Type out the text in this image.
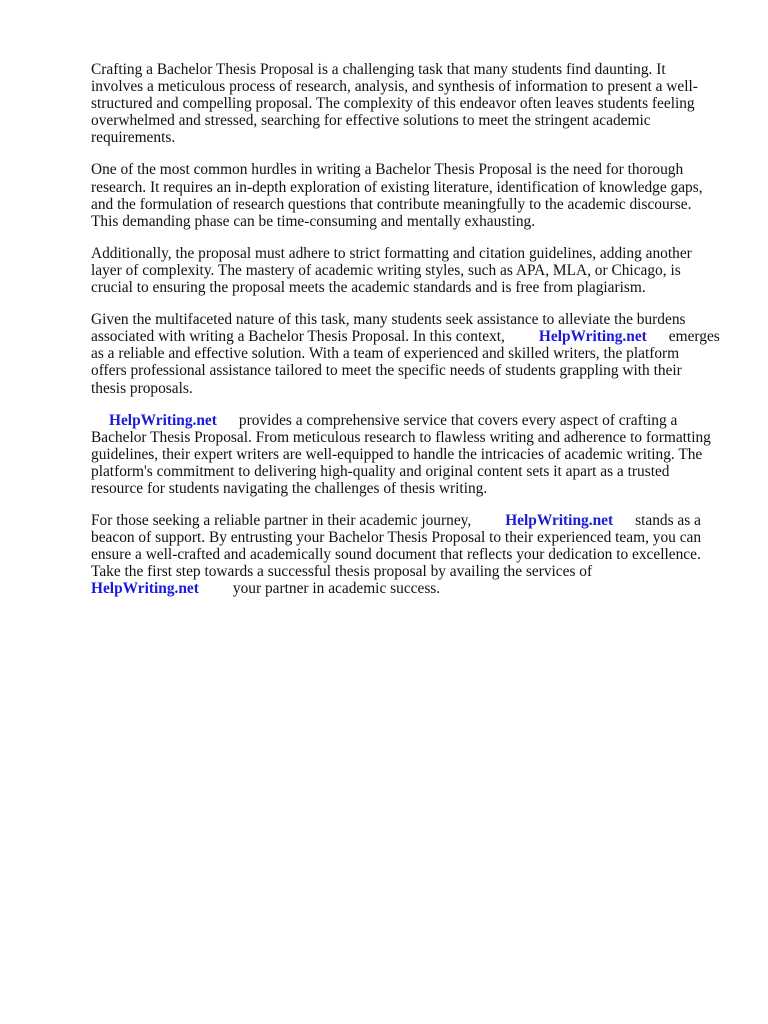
Crafting a Bachelor Thesis Proposal is a challenging task that many students find daunting. It
involves a meticulous process of research, analysis, and synthesis of information to present a well-
structured and compelling proposal. The complexity of this endeavor often leaves students feeling
overwhelmed and stressed, searching for effective solutions to meet the stringent academic
requirements.

One of the most common hurdles in writing a Bachelor Thesis Proposal is the need for thorough
research. It requires an in-depth exploration of existing literature, identification of knowledge gaps,
and the formulation of research questions that contribute meaningfully to the academic discourse.
This demanding phase can be time-consuming and mentally exhausting.

Additionally, the proposal must adhere to strict formatting and citation guidelines, adding another
layer of complexity. The mastery of academic writing styles, such as APA, MLA, or Chicago, is
crucial to ensuring the proposal meets the academic standards and is free from plagiarism.

Given the multifaceted nature of this task, many students seek assistance to alleviate the burdens
associated with writing a Bachelor Thesis Proposal. In this context, HelpWriting.net emerges
as a reliable and effective solution. With a team of experienced and skilled writers, the platform
offers professional assistance tailored to meet the specific needs of students grappling with their
thesis proposals.

HelpWriting.net provides a comprehensive service that covers every aspect of crafting a
Bachelor Thesis Proposal. From meticulous research to flawless writing and adherence to formatting
guidelines, their expert writers are well-equipped to handle the intricacies of academic writing. The
platform's commitment to delivering high-quality and original content sets it apart as a trusted
resource for students navigating the challenges of thesis writing.

For those seeking a reliable partner in their academic journey, HelpWriting.net stands as a
beacon of support. By entrusting your Bachelor Thesis Proposal to their experienced team, you can
ensure a well-crafted and academically sound document that reflects your dedication to excellence.
Take the first step towards a successful thesis proposal by availing the services of
HelpWriting.net your partner in academic success.
